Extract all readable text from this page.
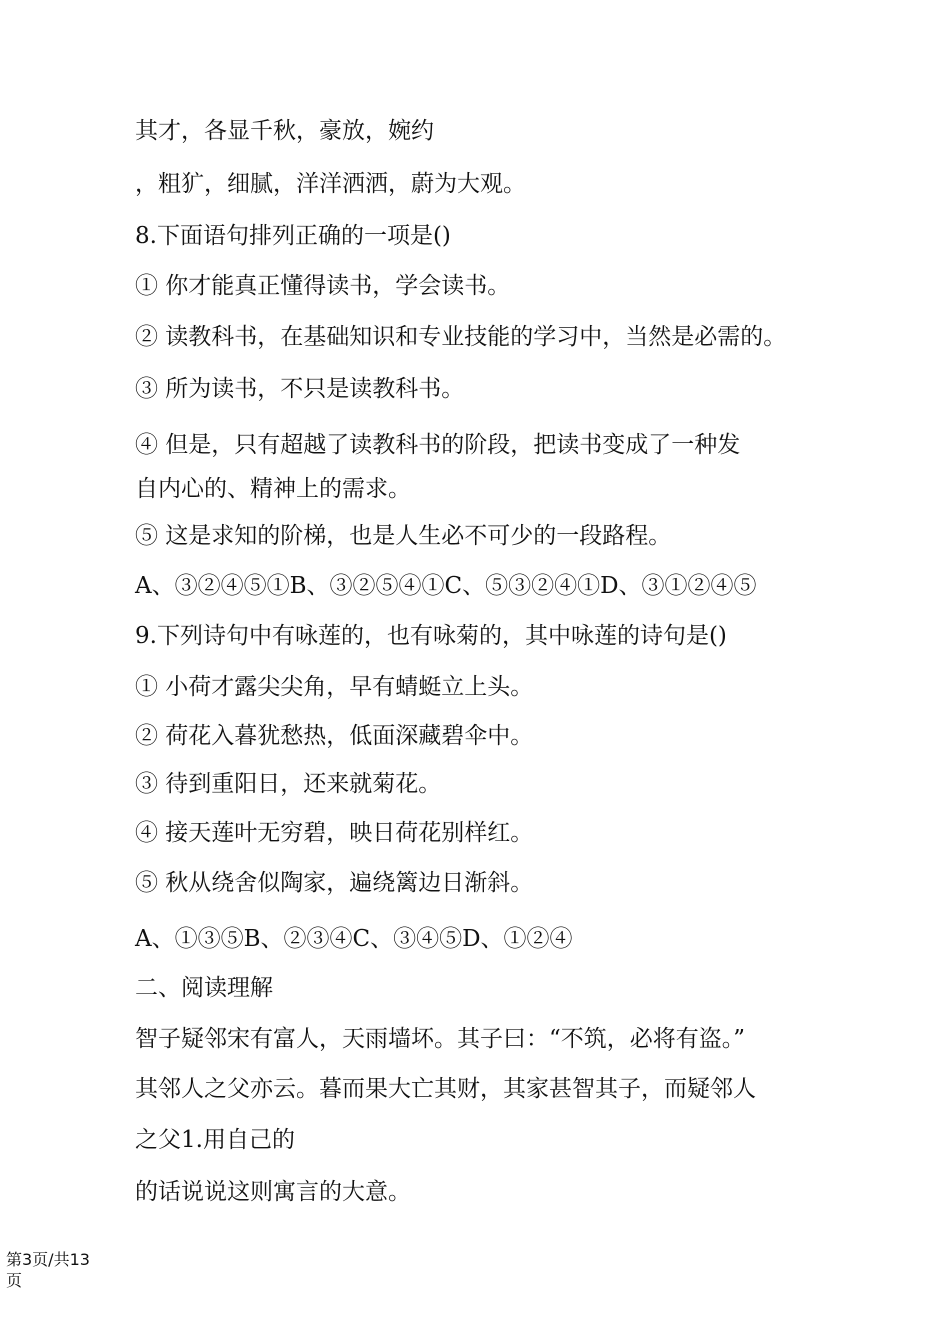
其才，各显千秋，豪放，婉约
，粗犷，细腻，洋洋洒洒，蔚为大观。
8.下面语句排列正确的一项是()
① 你才能真正懂得读书，学会读书。
② 读教科书，在基础知识和专业技能的学习中，当然是必需的。
③ 所为读书，不只是读教科书。
④ 但是，只有超越了读教科书的阶段，把读书变成了一种发
自内心的、精神上的需求。
⑤ 这是求知的阶梯，也是人生必不可少的一段路程。
A、③②④⑤①B、③②⑤④①C、⑤③②④①D、③①②④⑤
9.下列诗句中有咏莲的，也有咏菊的，其中咏莲的诗句是()
① 小荷才露尖尖角，早有蜻蜓立上头。
② 荷花入暮犹愁热，低面深藏碧伞中。
③ 待到重阳日，还来就菊花。
④ 接天莲叶无穷碧，映日荷花别样红。
⑤ 秋从绕舍似陶家，遍绕篱边日渐斜。
A、①③⑤B、②③④C、③④⑤D、①②④
二、阅读理解
智子疑邻宋有富人，天雨墙坏。其子曰：“不筑，必将有盗。”
其邻人之父亦云。暮而果大亡其财，其家甚智其子，而疑邻人
之父1.用自己的
的话说说这则寓言的大意。
第3页/共13
页
